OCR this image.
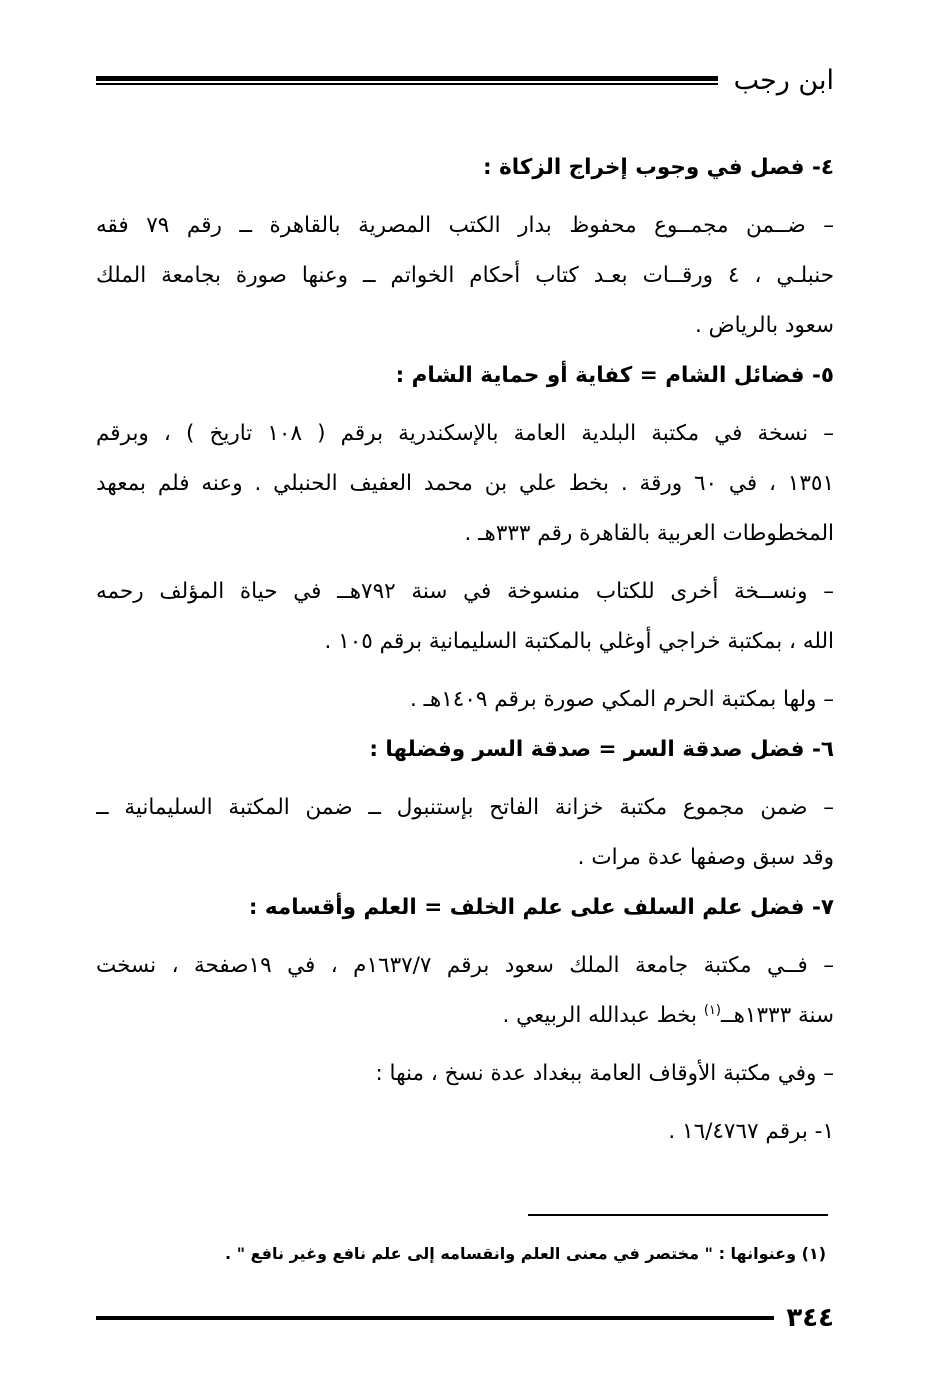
ابن رجب
٤- فصل في وجوب إخراج الزكاة :
– ضــمن مجمــوع محفوظ بدار الكتب المصرية بالقاهرة ــ رقم ٧٩ فقه
حنبلـي ، ٤ ورقــات بعـد كتاب أحكام الخواتم ــ وعنها صورة بجامعة الملك
سعود بالرياض .
٥- فضائل الشام = كفاية أو حماية الشام :
– نسخة في مكتبة البلدية العامة بالإسكندرية برقم ( ١٠٨ تاريخ ) ، وبرقم
١٣٥١ ، في ٦٠ ورقة . بخط علي بن محمد العفيف الحنبلي . وعنه فلم بمعهد
المخطوطات العربية بالقاهرة رقم ٣٣٣هـ .
– ونســخة أخرى للكتاب منسوخة في سنة ٧٩٢هــ في حياة المؤلف رحمه
الله ، بمكتبة خراجي أوغلي بالمكتبة السليمانية برقم ١٠٥ .
– ولها بمكتبة الحرم المكي صورة برقم ١٤٠٩هـ .
٦- فضل صدقة السر = صدقة السر وفضلها :
– ضمن مجموع مكتبة خزانة الفاتح بإستنبول ــ ضمن المكتبة السليمانية ــ
وقد سبق وصفها عدة مرات .
٧- فضل علم السلف على علم الخلف = العلم وأقسامه :
– فــي مكتبة جامعة الملك سعود برقم ١٦٣٧/٧م ، في ١٩صفحة ، نسخت
سنة ١٣٣٣هــ$^{(١)}$ بخط عبدالله الربيعي .
– وفي مكتبة الأوقاف العامة ببغداد عدة نسخ ، منها :
١- برقم ١٦/٤٧٦٧ .
(١) وعنوانها : " مختصر في معنى العلم وانقسامه إلى علم نافع وغير نافع " .
٣٤٤
